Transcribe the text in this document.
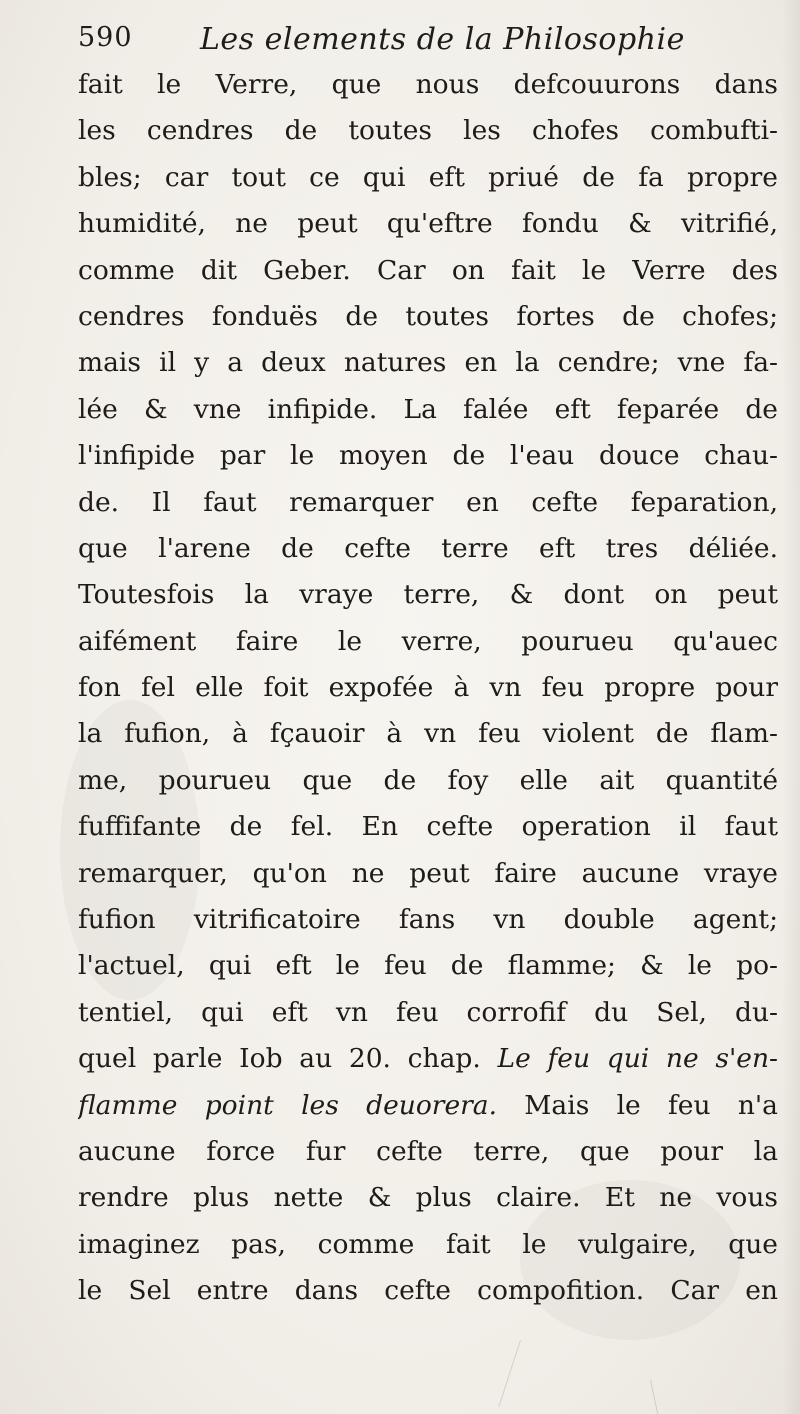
590 Les elements de la Philosophie
fait le Verre, que nous defcouurons dans
les cendres de toutes les chofes combufti-
bles; car tout ce qui eft priué de fa propre
humidité, ne peut qu'eftre fondu & vitrifié,
comme dit Geber. Car on fait le Verre des
cendres fonduës de toutes fortes de chofes;
mais il y a deux natures en la cendre; vne fa-
lée & vne infipide. La falée eft feparée de
l'infipide par le moyen de l'eau douce chau-
de. Il faut remarquer en cefte feparation,
que l'arene de cefte terre eft tres déliée.
Toutesfois la vraye terre, & dont on peut
aifément faire le verre, pourueu qu'auec
fon fel elle foit expofée à vn feu propre pour
la fufion, à fçauoir à vn feu violent de flam-
me, pourueu que de foy elle ait quantité
fuffifante de fel. En cefte operation il faut
remarquer, qu'on ne peut faire aucune vraye
fufion vitrificatoire fans vn double agent;
l'actuel, qui eft le feu de flamme; & le po-
tentiel, qui eft vn feu corrofif du Sel, du-
quel parle Iob au 20. chap. Le feu qui ne s'en-
flamme point les deuorera. Mais le feu n'a
aucune force fur cefte terre, que pour la
rendre plus nette & plus claire. Et ne vous
imaginez pas, comme fait le vulgaire, que
le Sel entre dans cefte compofition. Car en
